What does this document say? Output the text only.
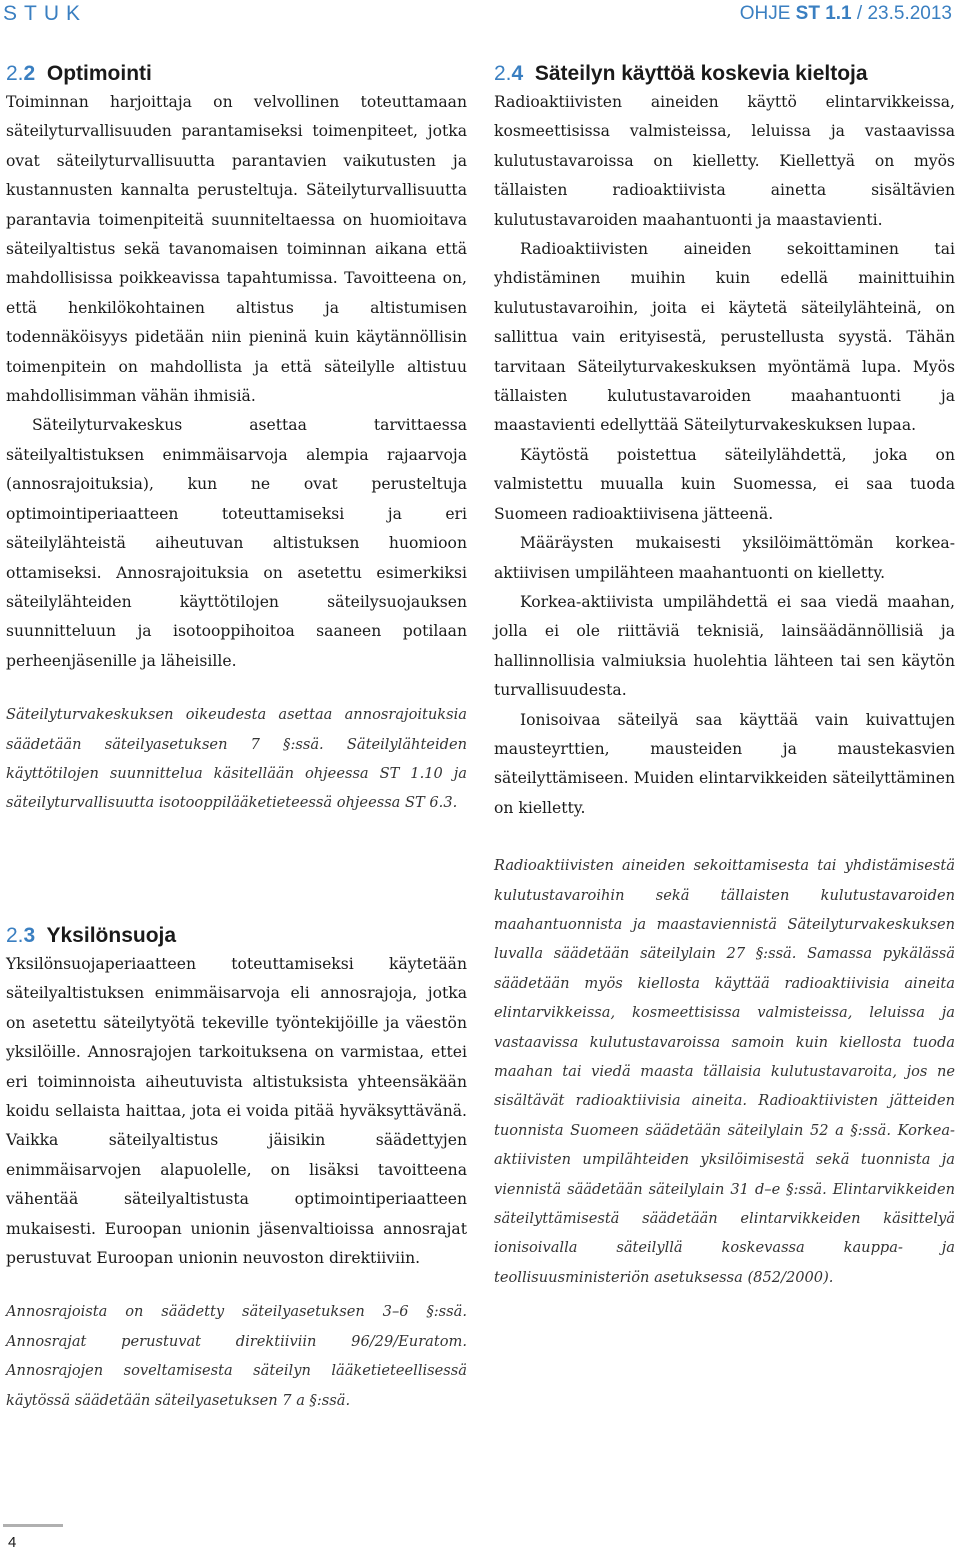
STUK	OHJE ST 1.1 / 23.5.2013
2.2 Optimointi

Toiminnan harjoittaja on velvollinen toteuttamaan säteilyturvallisuuden parantamiseksi toimenpiteet, jotka ovat säteilyturvallisuutta parantavien vaikutusten ja kustannusten kannalta perusteltuja. Säteilyturvallisuutta parantavia toimenpiteitä suunniteltaessa on huomioitava säteilyaltistus sekä tavanomaisen toiminnan aikana että mahdollisissa poikkeavissa tapahtumissa. Tavoitteena on, että henkilökohtainen altistus ja altistumisen todennäköisyys pidetään niin pieninä kuin käytännöllisin toimenpitein on mahdollista ja että säteilylle altistuu mahdollisimman vähän ihmisiä.

Säteilyturvakeskus asettaa tarvittaessa säteilyaltistuksen enimmäisarvoja alempia rajaarvoja (annosrajoituksia), kun ne ovat perusteltuja optimointiperiaatteen toteuttamiseksi ja eri säteilylähteistä aiheutuvan altistuksen huomioon ottamiseksi. Annosrajoituksia on asetettu esimerkiksi säteilylähteiden käyttötilojen säteilysuojauksen suunnitteluun ja isotooppihoitoa saaneen potilaan perheenjäsenille ja läheisille.

Säteilyturvakeskuksen oikeudesta asettaa annosrajoituksia säädetään säteilyasetuksen 7 §:ssä. Säteilylähteiden käyttötilojen suunnittelua käsitellään ohjeessa ST 1.10 ja säteilyturvallisuutta isotooppilääketieteessä ohjeessa ST 6.3.

2.3 Yksilönsuoja

Yksilönsuojaperiaatteen toteuttamiseksi käytetään säteilyaltistuksen enimmäisarvoja eli annosrajoja, jotka on asetettu säteilytyötä tekeville työntekijöille ja väestön yksilöille. Annosrajojen tarkoituksena on varmistaa, ettei eri toiminnoista aiheutuvista altistuksista yhteensäkään koidu sellaista haittaa, jota ei voida pitää hyväksyttävänä. Vaikka säteilyaltistus jäisikin säädettyjen enimmäisarvojen alapuolelle, on lisäksi tavoitteena vähentää säteilyaltistusta optimointiperiaatteen mukaisesti. Euroopan unionin jäsenvaltioissa annosrajat perustuvat Euroopan unionin neuvoston direktiiviin.

Annosrajoista on säädetty säteilyasetuksen 3–6 §:ssä. Annosrajat perustuvat direktiiviin 96/29/Euratom. Annosrajojen soveltamisesta säteilyn lääketieteellisessä käytössä säädetään säteilyasetuksen 7 a §:ssä.

2.4 Säteilyn käyttöä koskevia kieltoja

Radioaktiivisten aineiden käyttö elintarvikkeissa, kosmeettisissa valmisteissa, leluissa ja vastaavissa kulutustavaroissa on kielletty. Kiellettyä on myös tällaisten radioaktiivista ainetta sisältävien kulutustavaroiden maahantuonti ja maastavienti.

Radioaktiivisten aineiden sekoittaminen tai yhdistäminen muihin kuin edellä mainittuihin kulutustavaroihin, joita ei käytetä säteilylähteinä, on sallittua vain erityisestä, perustellusta syystä. Tähän tarvitaan Säteilyturvakeskuksen myöntämä lupa. Myös tällaisten kulutustavaroiden maahantuonti ja maastavienti edellyttää Säteilyturvakeskuksen lupaa.

Käytöstä poistettua säteilylähdettä, joka on valmistettu muualla kuin Suomessa, ei saa tuoda Suomeen radioaktiivisena jätteenä.

Määräysten mukaisesti yksilöimättömän korkea-aktiivisen umpilähteen maahantuonti on kielletty.

Korkea-aktiivista umpilähdettä ei saa viedä maahan, jolla ei ole riittäviä teknisiä, lainsäädännöllisiä ja hallinnollisia valmiuksia huolehtia lähteen tai sen käytön turvallisuudesta.

Ionisoivaa säteilyä saa käyttää vain kuivattujen mausteyrttien, mausteiden ja maustekasvien säteilyttämiseen. Muiden elintarvikkeiden säteilyttäminen on kielletty.

Radioaktiivisten aineiden sekoittamisesta tai yhdistämisestä kulutustavaroihin sekä tällaisten kulutustavaroiden maahantuonnista ja maastaviennistä Säteilyturvakeskuksen luvalla säädetään säteilylain 27 §:ssä. Samassa pykälässä säädetään myös kiellosta käyttää radioaktiivisia aineita elintarvikkeissa, kosmeettisissa valmisteissa, leluissa ja vastaavissa kulutustavaroissa samoin kuin kiellosta tuoda maahan tai viedä maasta tällaisia kulutustavaroita, jos ne sisältävät radioaktiivisia aineita. Radioaktiivisten jätteiden tuonnista Suomeen säädetään säteilylain 52 a §:ssä. Korkea-aktiivisten umpilähteiden yksilöimisestä sekä tuonnista ja viennistä säädetään säteilylain 31 d–e §:ssä. Elintarvikkeiden säteilyttämisestä säädetään elintarvikkeiden käsittelyä ionisoivalla säteilyllä koskevassa kauppa- ja teollisuusministeriön asetuksessa (852/2000).

4
